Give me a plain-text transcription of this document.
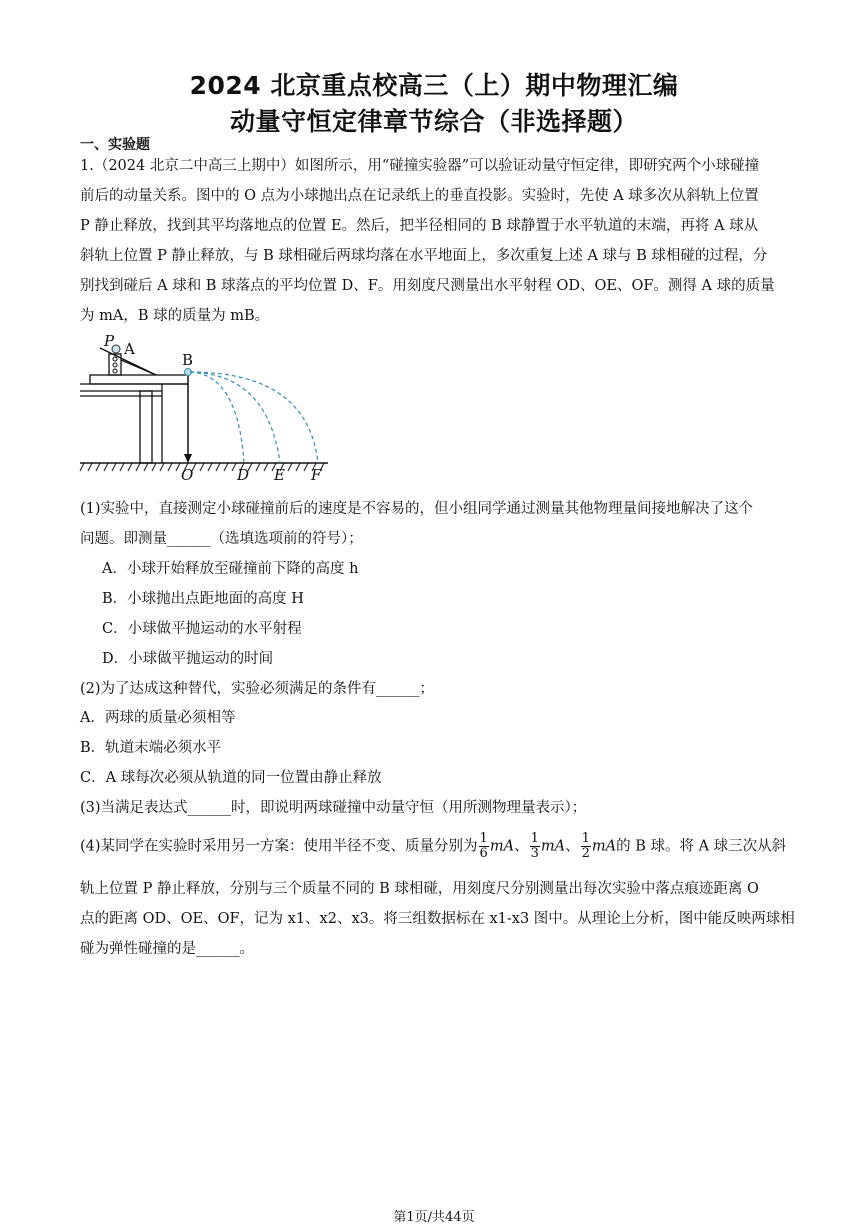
2024 北京重点校高三（上）期中物理汇编
动量守恒定律章节综合（非选择题）
一、实验题
1.（2024 北京二中高三上期中）如图所示，用“碰撞实验器”可以验证动量守恒定律，即研究两个小球碰撞
前后的动量关系。图中的 O 点为小球抛出点在记录纸上的垂直投影。实验时，先使 A 球多次从斜轨上位置
P 静止释放，找到其平均落地点的位置 E。然后，把半径相同的 B 球静置于水平轨道的末端，再将 A 球从
斜轨上位置 P 静止释放，与 B 球相碰后两球均落在水平地面上，多次重复上述 A 球与 B 球相碰的过程，分
别找到碰后 A 球和 B 球落点的平均位置 D、F。用刻度尺测量出水平射程 OD、OE、OF。测得 A 球的质量
为 mA，B 球的质量为 mB。
P A
B
O	D E F
(1)实验中，直接测定小球碰撞前后的速度是不容易的，但小组同学通过测量其他物理量间接地解决了这个
问题。即测量______（选填选项前的符号）；
A．小球开始释放至碰撞前下降的高度 h
B．小球抛出点距地面的高度 H
C．小球做平抛运动的水平射程
D．小球做平抛运动的时间
(2)为了达成这种替代，实验必须满足的条件有______；
A．两球的质量必须相等
B．轨道末端必须水平
C．A 球每次必须从轨道的同一位置由静止释放
(3)当满足表达式______时，即说明两球碰撞中动量守恒（用所测物理量表示）；
(4)某同学在实验时采用另一方案：使用半径不变、质量分别为 $\frac{1}{6}$ mA、 $\frac{1}{3}$ mA、 $\frac{1}{2}$ mA的 B 球。将 A 球三次从斜
轨上位置 P 静止释放，分别与三个质量不同的 B 球相碰，用刻度尺分别测量出每次实验中落点痕迹距离 O
点的距离 OD、OE、OF，记为 x1、x2、x3。将三组数据标在 x1-x3 图中。从理论上分析，图中能反映两球相
碰为弹性碰撞的是______。
第1页/共44页
